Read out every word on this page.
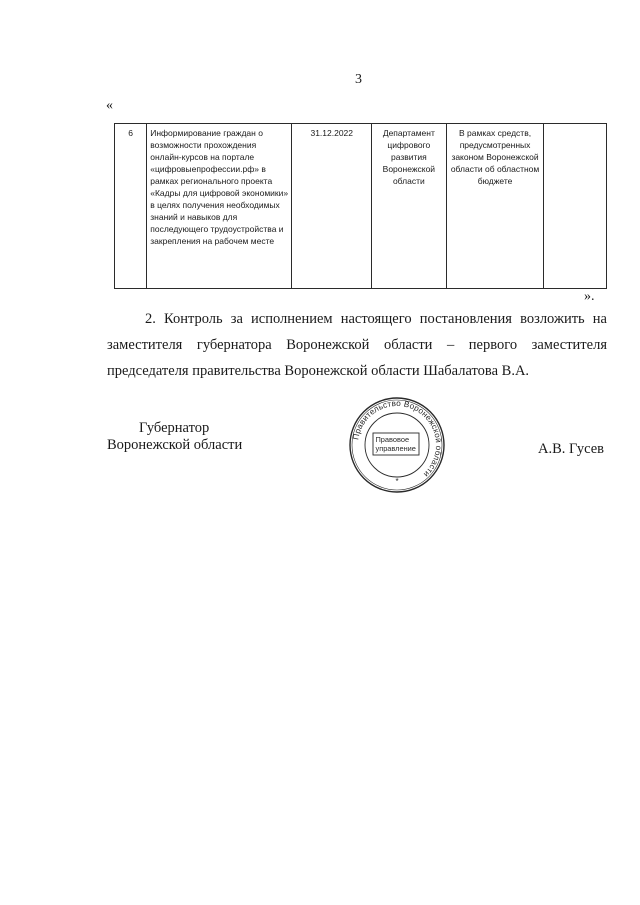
3
«
6	Информирование граждан о возможности прохождения онлайн-курсов на портале «цифровыепрофессии.рф» в рамках регионального проекта «Кадры для цифровой экономики» в целях получения необходимых знаний и навыков для последующего трудоустройства и закрепления на рабочем месте	31.12.2022	Департамент цифрового развития Воронежской области	В рамках средств, предусмотренных законом Воронежской области об областном бюджете	
».
2. Контроль за исполнением настоящего постановления возложить на заместителя губернатора Воронежской области – первого заместителя председателя правительства Воронежской области Шабалатова В.А.
Губернатор
Воронежской области
Правительство Воронежской области
Правовое
управление
*
А.В. Гусев
